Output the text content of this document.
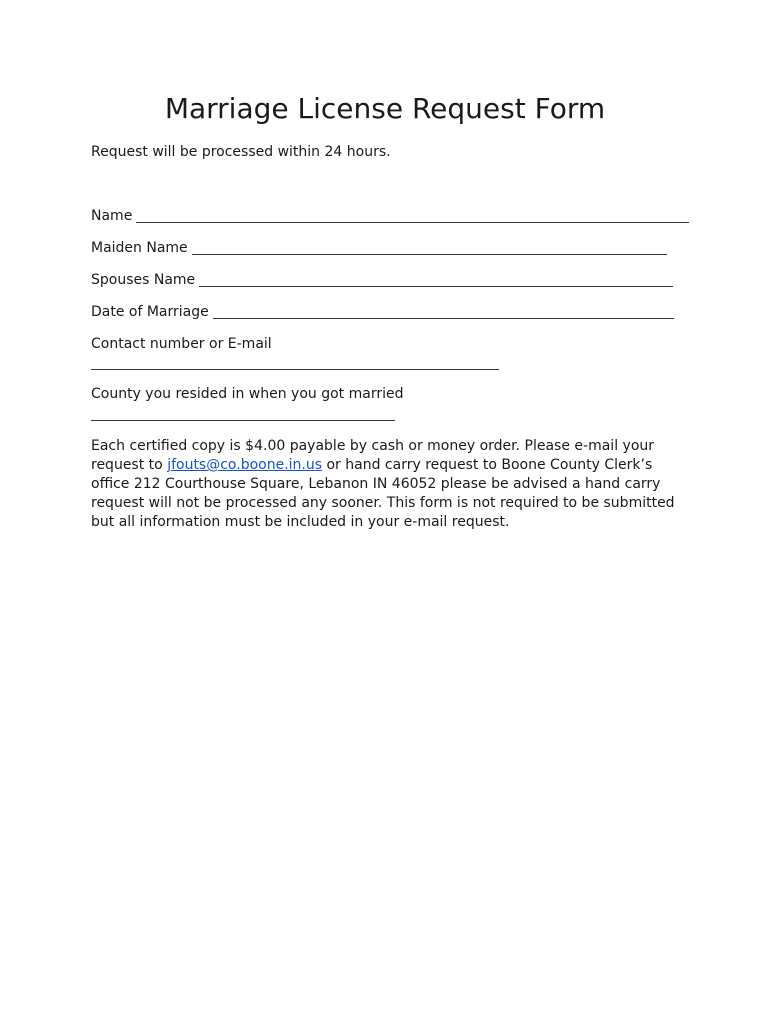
Marriage License Request Form
Request will be processed within 24 hours.
Name
Maiden Name
Spouses Name
Date of Marriage
Contact number or E-mail
County you resided in when you got married
Each certified copy is $4.00 payable by cash or money order. Please e-mail your
request to jfouts@co.boone.in.us or hand carry request to Boone County Clerk’s
office 212 Courthouse Square, Lebanon IN 46052 please be advised a hand carry
request will not be processed any sooner. This form is not required to be submitted
but all information must be included in your e-mail request.
